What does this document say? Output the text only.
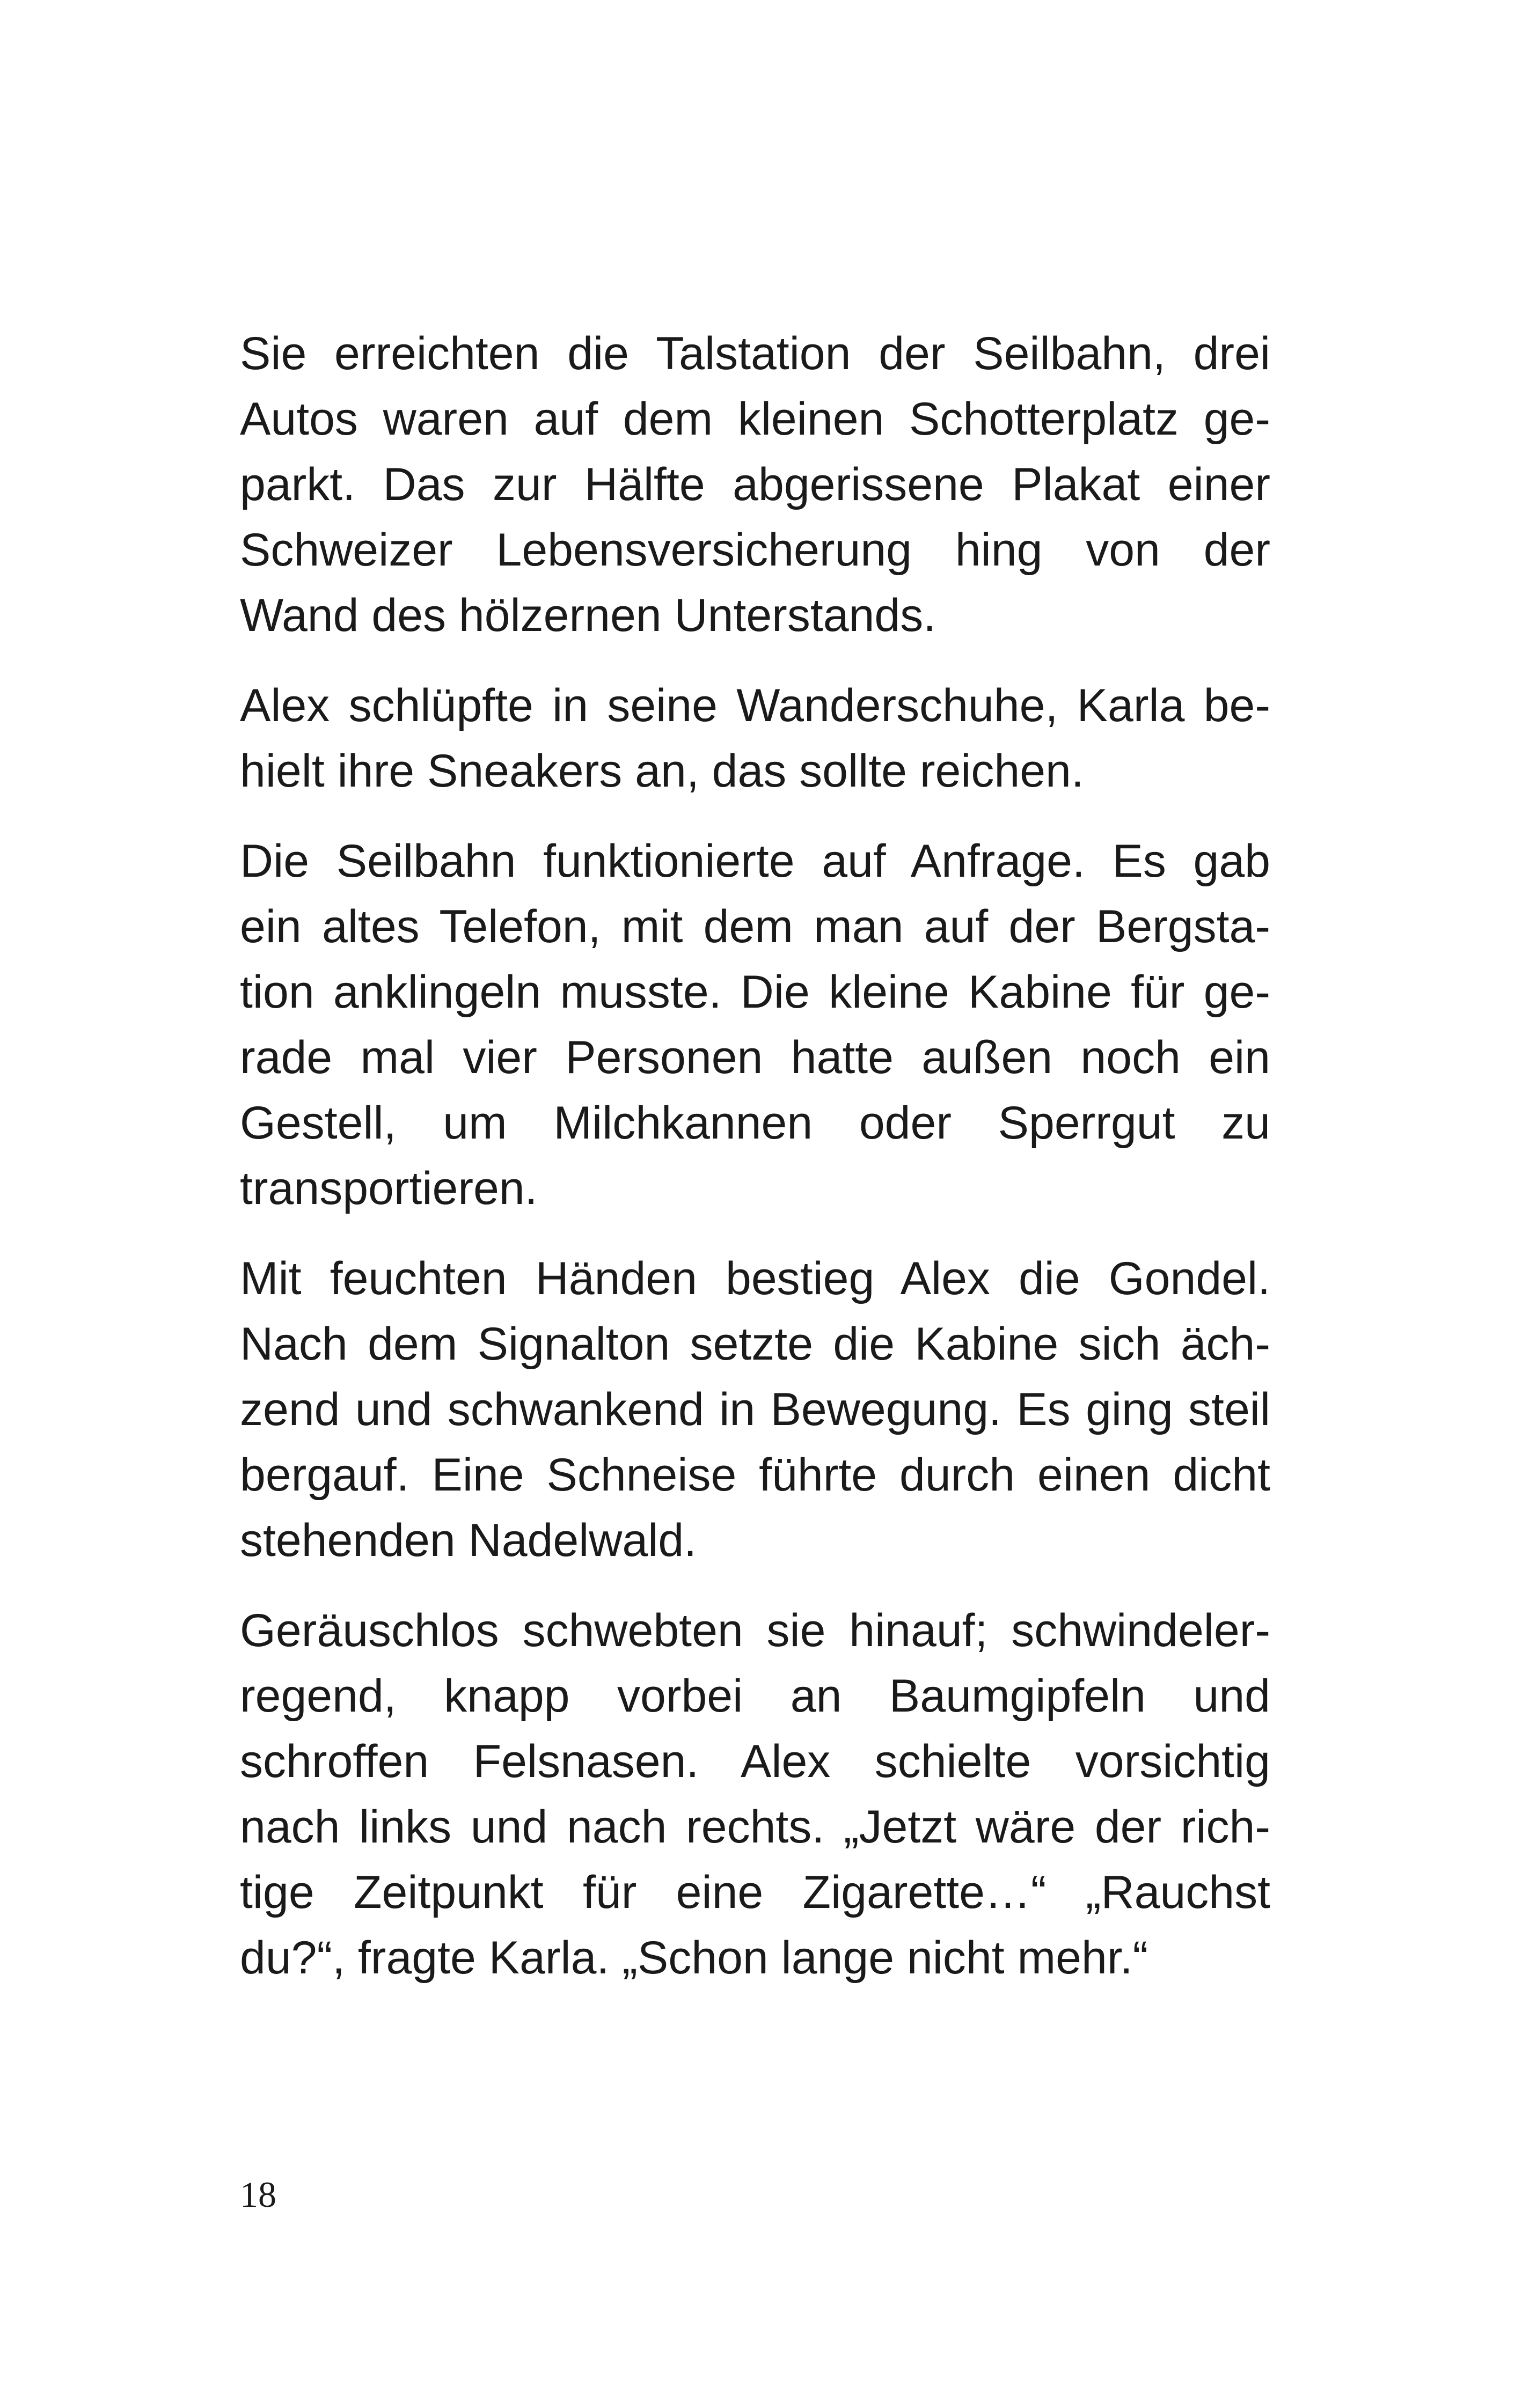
Sie erreichten die Talstation der Seilbahn, drei
Autos waren auf dem kleinen Schotterplatz ge-
parkt. Das zur Hälfte abgerissene Plakat einer
Schweizer Lebensversicherung hing von der
Wand des hölzernen Unterstands.

Alex schlüpfte in seine Wanderschuhe, Karla be-
hielt ihre Sneakers an, das sollte reichen.

Die Seilbahn funktionierte auf Anfrage. Es gab
ein altes Telefon, mit dem man auf der Bergsta-
tion anklingeln musste. Die kleine Kabine für ge-
rade mal vier Personen hatte außen noch ein
Gestell, um Milchkannen oder Sperrgut zu
transportieren.

Mit feuchten Händen bestieg Alex die Gondel.
Nach dem Signalton setzte die Kabine sich äch-
zend und schwankend in Bewegung. Es ging steil
bergauf. Eine Schneise führte durch einen dicht
stehenden Nadelwald.

Geräuschlos schwebten sie hinauf; schwindeler-
regend, knapp vorbei an Baumgipfeln und
schroffen Felsnasen. Alex schielte vorsichtig
nach links und nach rechts. „Jetzt wäre der rich-
tige Zeitpunkt für eine Zigarette…“ „Rauchst
du?“, fragte Karla. „Schon lange nicht mehr.“

18
